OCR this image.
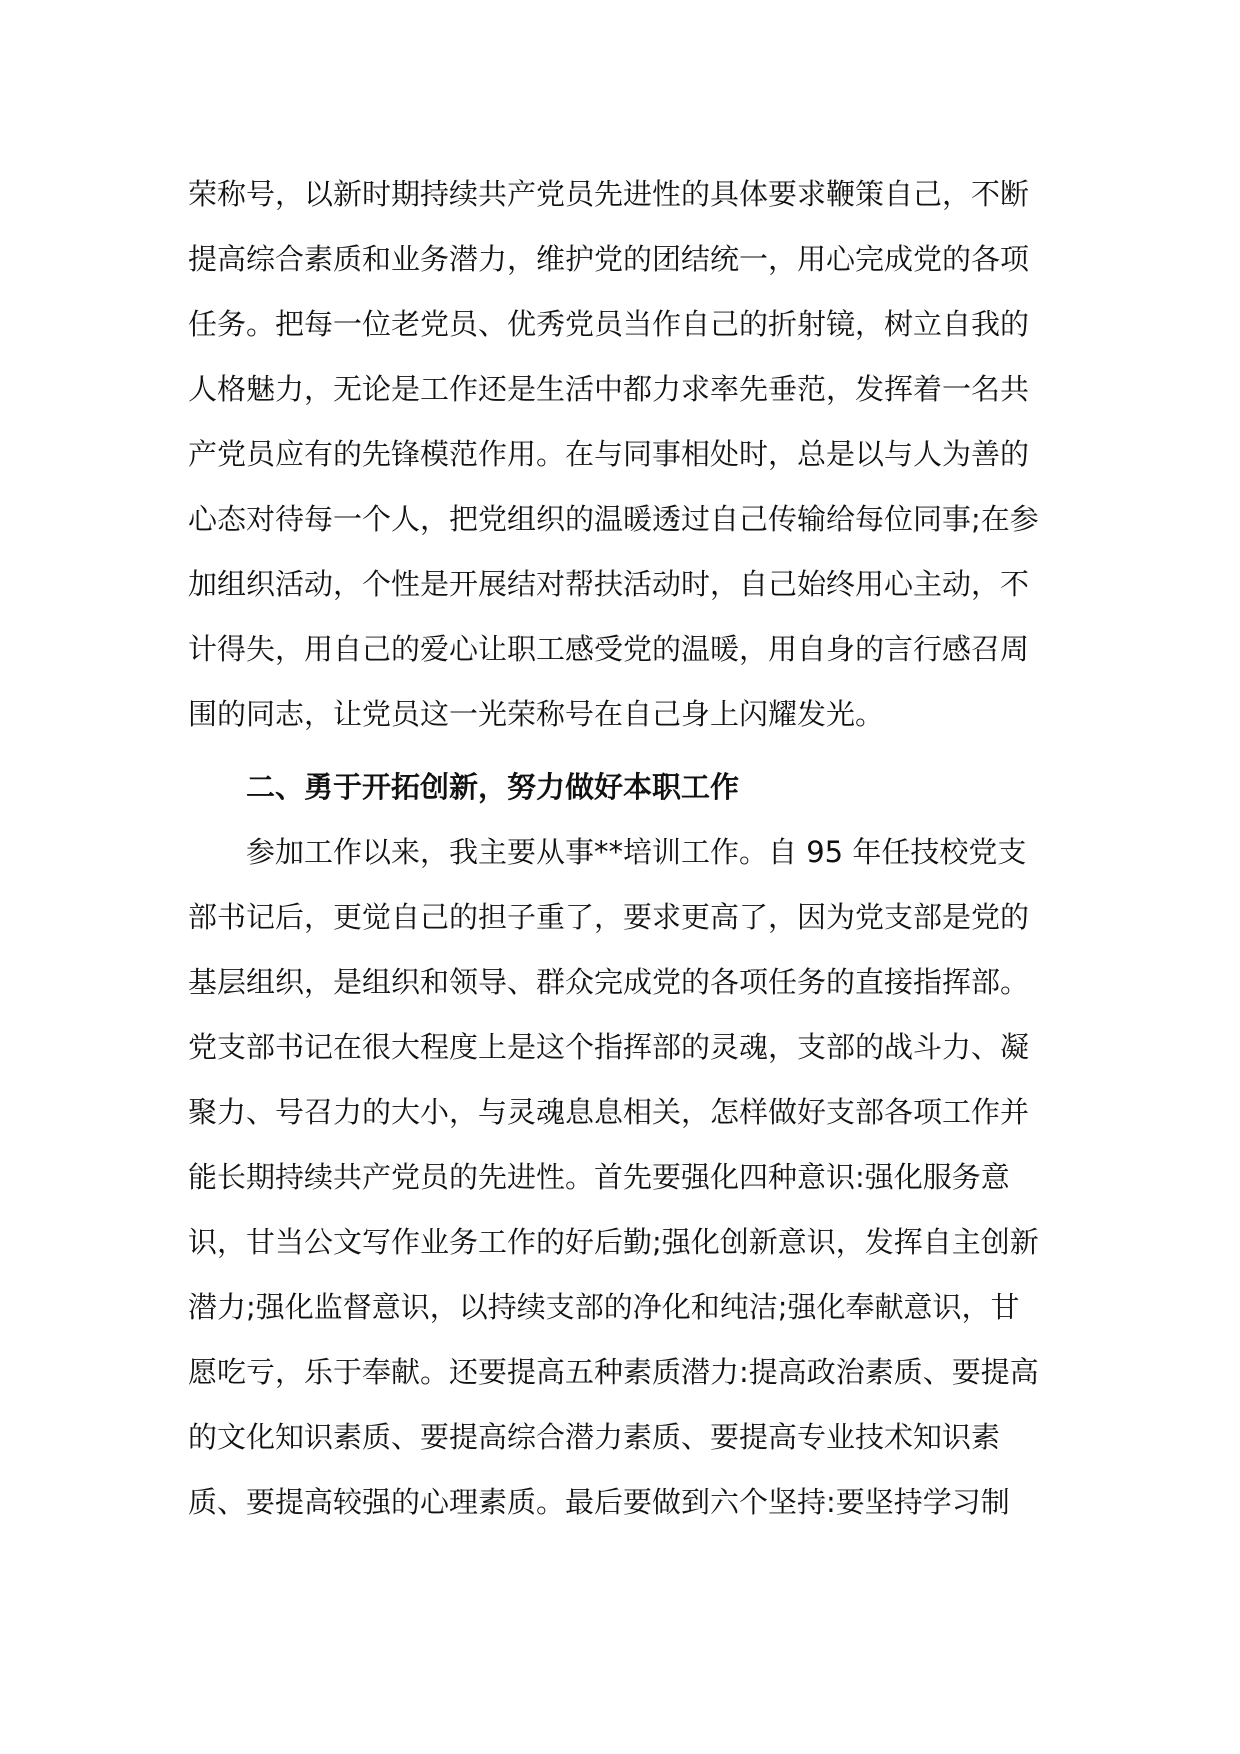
荣称号，以新时期持续共产党员先进性的具体要求鞭策自己，不断
提高综合素质和业务潜力，维护党的团结统一，用心完成党的各项
任务。把每一位老党员、优秀党员当作自己的折射镜，树立自我的
人格魅力，无论是工作还是生活中都力求率先垂范，发挥着一名共
产党员应有的先锋模范作用。在与同事相处时，总是以与人为善的
心态对待每一个人，把党组织的温暖透过自己传输给每位同事;在参
加组织活动，个性是开展结对帮扶活动时，自己始终用心主动，不
计得失，用自己的爱心让职工感受党的温暖，用自身的言行感召周
围的同志，让党员这一光荣称号在自己身上闪耀发光。
二、勇于开拓创新，努力做好本职工作
参加工作以来，我主要从事**培训工作。自 95 年任技校党支
部书记后，更觉自己的担子重了，要求更高了，因为党支部是党的
基层组织，是组织和领导、群众完成党的各项任务的直接指挥部。
党支部书记在很大程度上是这个指挥部的灵魂，支部的战斗力、凝
聚力、号召力的大小，与灵魂息息相关，怎样做好支部各项工作并
能长期持续共产党员的先进性。首先要强化四种意识:强化服务意
识，甘当公文写作业务工作的好后勤;强化创新意识，发挥自主创新
潜力;强化监督意识，以持续支部的净化和纯洁;强化奉献意识，甘
愿吃亏，乐于奉献。还要提高五种素质潜力:提高政治素质、要提高
的文化知识素质、要提高综合潜力素质、要提高专业技术知识素
质、要提高较强的心理素质。最后要做到六个坚持:要坚持学习制
